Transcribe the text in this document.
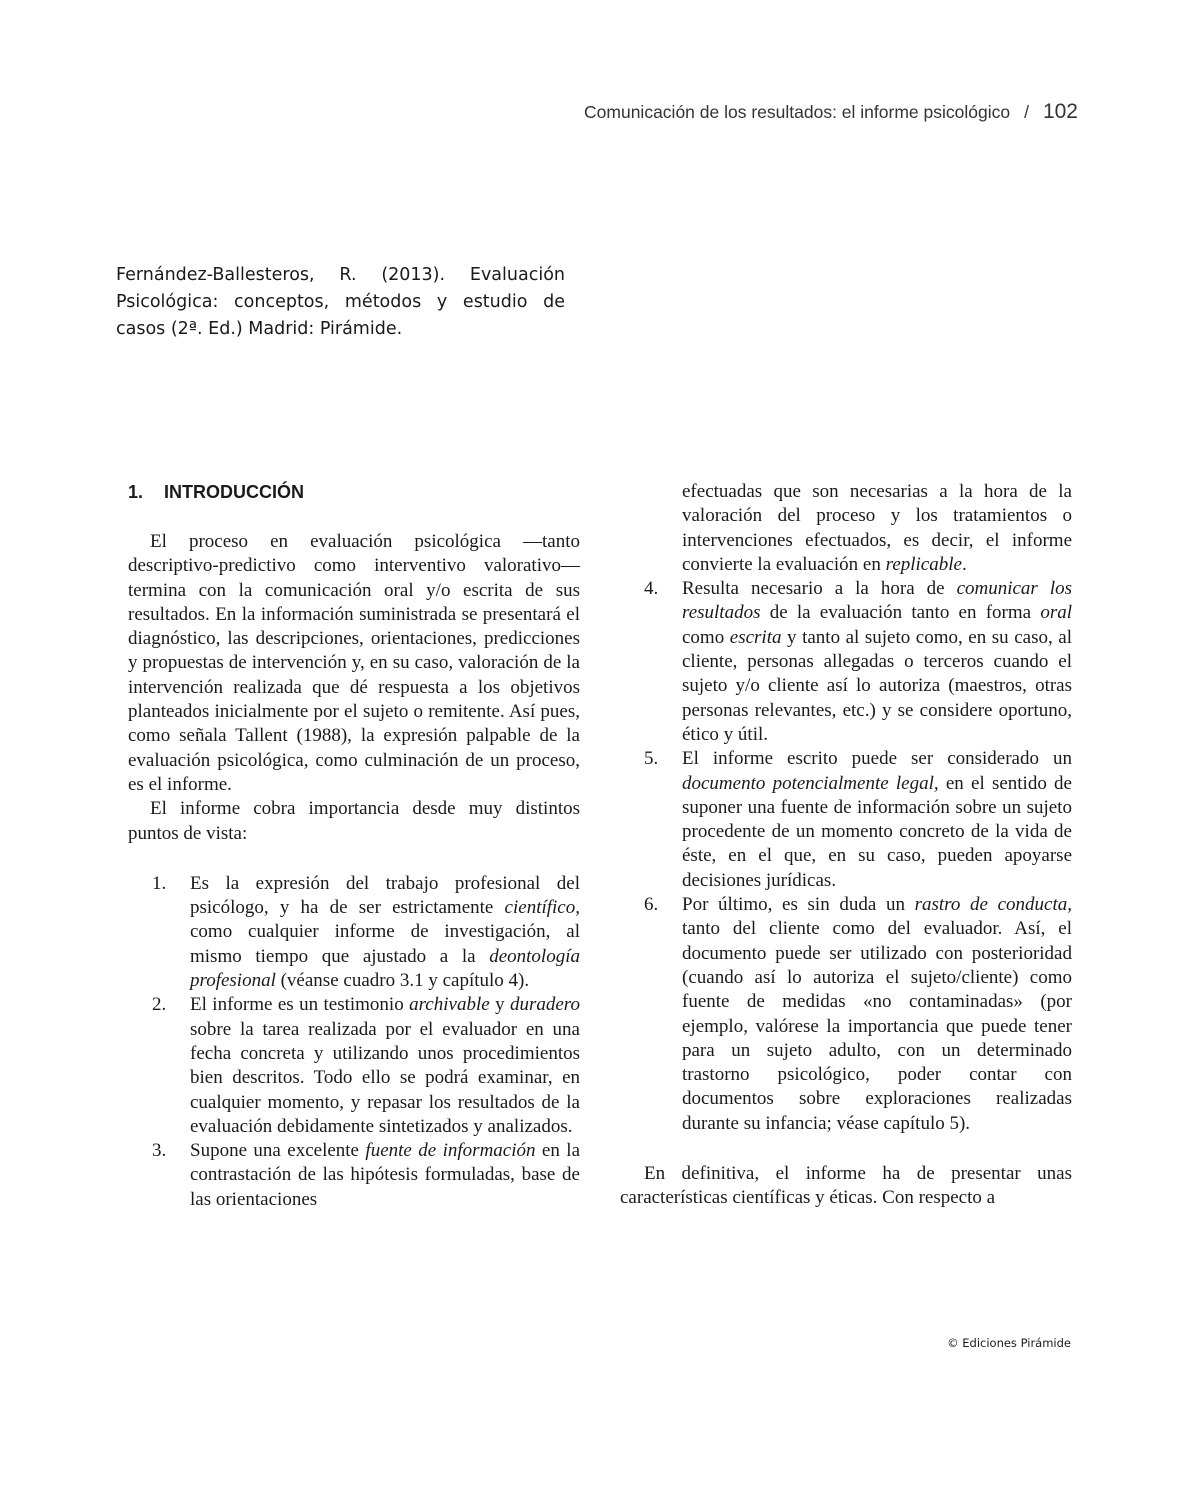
Comunicación de los resultados: el informe psicológico / 102
Fernández-Ballesteros, R. (2013). Evaluación Psicológica: conceptos, métodos y estudio de casos (2ª. Ed.) Madrid: Pirámide.
1. INTRODUCCIÓN

El proceso en evaluación psicológica —tanto descriptivo-predictivo como interventivo valorativo— termina con la comunicación oral y/o escrita de sus resultados. En la información suministrada se presentará el diagnóstico, las descripciones, orientaciones, predicciones y propuestas de intervención y, en su caso, valoración de la intervención realizada que dé respuesta a los objetivos planteados inicialmente por el sujeto o remitente. Así pues, como señala Tallent (1988), la expresión palpable de la evaluación psicológica, como culminación de un proceso, es el informe.

El informe cobra importancia desde muy distintos puntos de vista:

1. Es la expresión del trabajo profesional del psicólogo, y ha de ser estrictamente científico, como cualquier informe de investigación, al mismo tiempo que ajustado a la deontología profesional (véanse cuadro 3.1 y capítulo 4).
2. El informe es un testimonio archivable y duradero sobre la tarea realizada por el evaluador en una fecha concreta y utilizando unos procedimientos bien descritos. Todo ello se podrá examinar, en cualquier momento, y repasar los resultados de la evaluación debidamente sintetizados y analizados.
3. Supone una excelente fuente de información en la contrastación de las hipótesis formuladas, base de las orientaciones
efectuadas que son necesarias a la hora de la valoración del proceso y los tratamientos o intervenciones efectuados, es decir, el informe convierte la evaluación en replicable.
4. Resulta necesario a la hora de comunicar los resultados de la evaluación tanto en forma oral como escrita y tanto al sujeto como, en su caso, al cliente, personas allegadas o terceros cuando el sujeto y/o cliente así lo autoriza (maestros, otras personas relevantes, etc.) y se considere oportuno, ético y útil.
5. El informe escrito puede ser considerado un documento potencialmente legal, en el sentido de suponer una fuente de información sobre un sujeto procedente de un momento concreto de la vida de éste, en el que, en su caso, pueden apoyarse decisiones jurídicas.
6. Por último, es sin duda un rastro de conducta, tanto del cliente como del evaluador. Así, el documento puede ser utilizado con posterioridad (cuando así lo autoriza el sujeto/cliente) como fuente de medidas «no contaminadas» (por ejemplo, valórese la importancia que puede tener para un sujeto adulto, con un determinado trastorno psicológico, poder contar con documentos sobre exploraciones realizadas durante su infancia; véase capítulo 5).

En definitiva, el informe ha de presentar unas características científicas y éticas. Con respecto a

© Ediciones Pirámide
